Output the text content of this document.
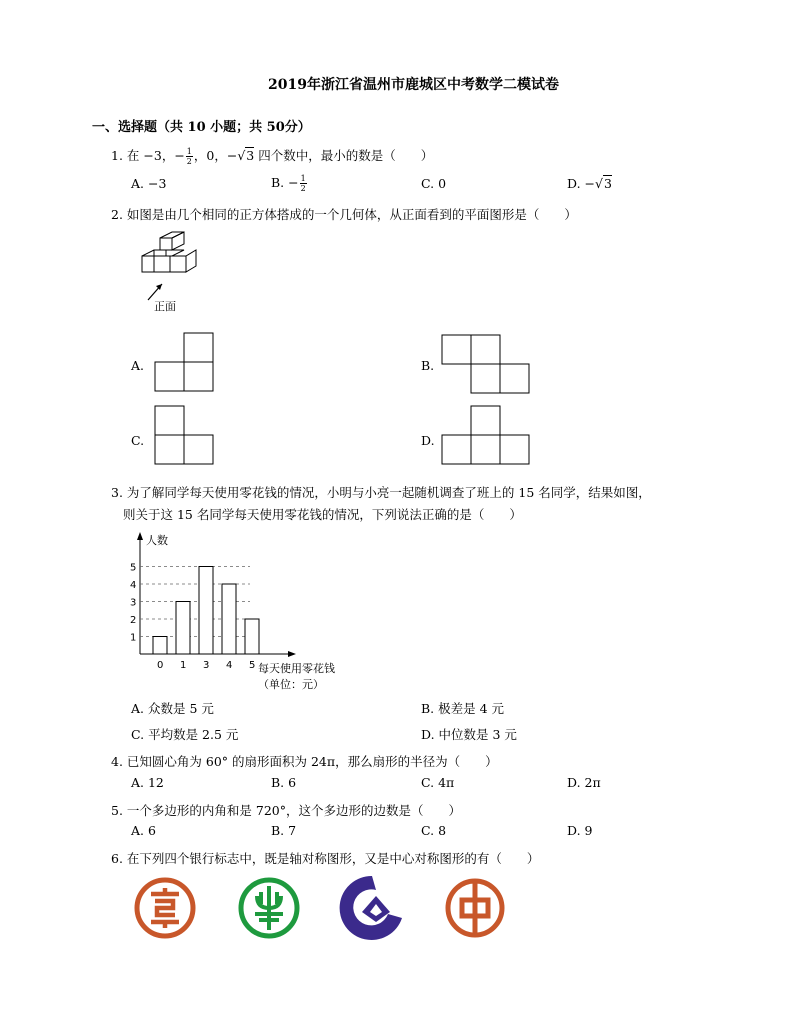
2019年浙江省温州市鹿城区中考数学二模试卷
一、选择题（共 10 小题；共 50分）
1. 在 −3，− $\frac{1}{2}$ ，0，−√3 四个数中，最小的数是（　　）
A. −3	B. − $\frac{1}{2}$	C. 0	D. −√3
2. 如图是由几个相同的正方体搭成的一个几何体，从正面看到的平面图形是（　　）
正面
A.	B.
C.	D.
3. 为了解同学每天使用零花钱的情况，小明与小亮一起随机调查了班上的 15 名同学，结果如图，
则关于这 15 名同学每天使用零花钱的情况，下列说法正确的是（　　）
人数
1
2
3
4
5
0 1 3 4 5 每天使用零花钱
（单位：元）
A. 众数是 5 元	B. 极差是 4 元
C. 平均数是 2.5 元	D. 中位数是 3 元
4. 已知圆心角为 60° 的扇形面积为 24π，那么扇形的半径为（　　）
A. 12	B. 6	C. 4π	D. 2π
5. 一个多边形的内角和是 720°，这个多边形的边数是（　　）
A. 6	B. 7	C. 8	D. 9
6. 在下列四个银行标志中，既是轴对称图形，又是中心对称图形的有（　　）
